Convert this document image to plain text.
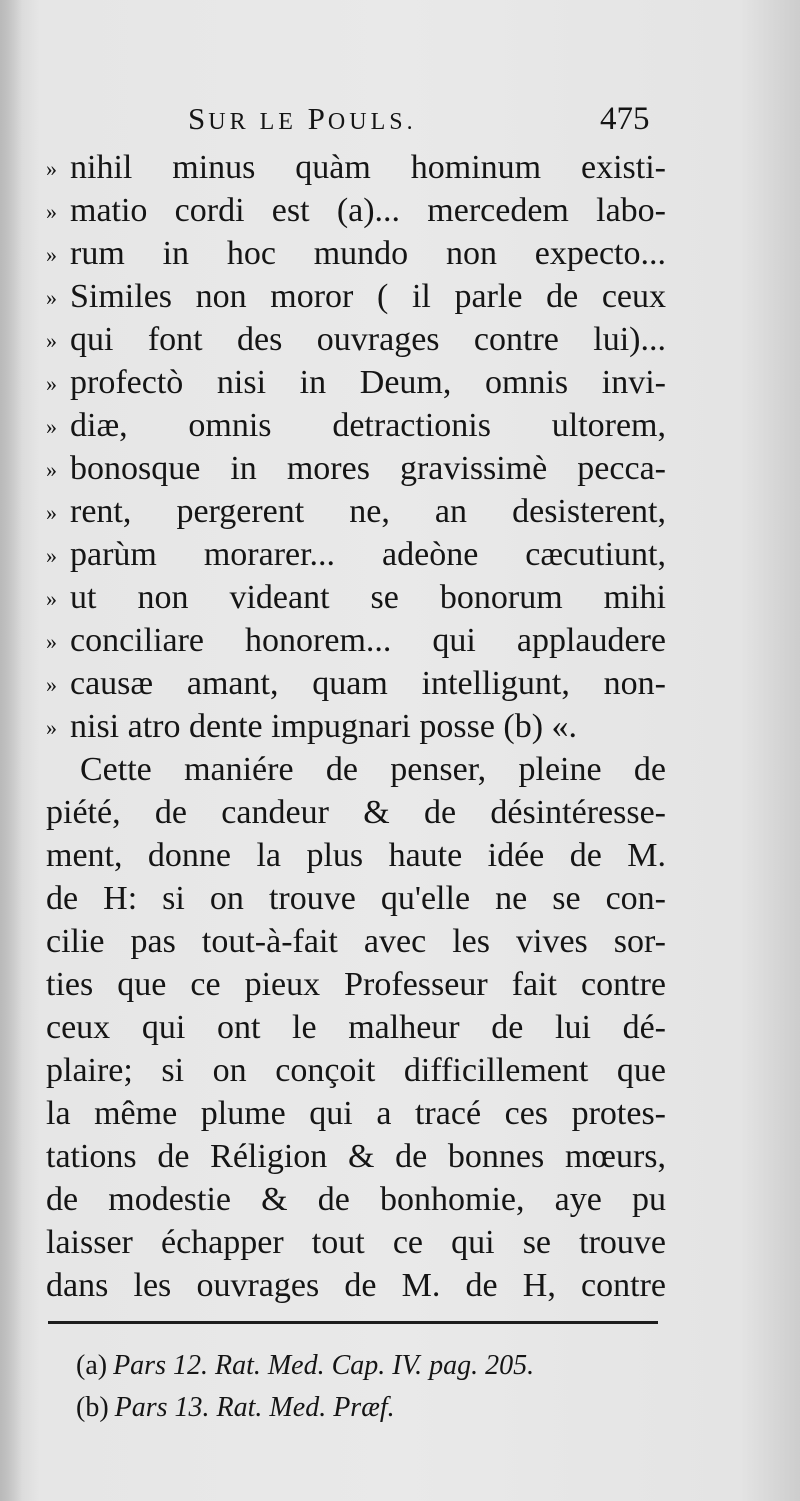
SUR LE POULS.	475
» nihil minus quàm hominum existi-
» matio cordi est (a)... mercedem labo-
» rum in hoc mundo non expecto...
» Similes non moror ( il parle de ceux
» qui font des ouvrages contre lui)...
» profectò nisi in Deum, omnis invi-
» diæ, omnis detractionis ultorem,
» bonosque in mores gravissimè pecca-
» rent, pergerent ne, an desisterent,
» parùm morarer... adeòne cæcutiunt,
» ut non videant se bonorum mihi
» conciliare honorem... qui applaudere
» causæ amant, quam intelligunt, non-
» nisi atro dente impugnari posse (b) «.
Cette maniére de penser, pleine de
piété, de candeur & de désintéresse-
ment, donne la plus haute idée de M.
de H: si on trouve qu'elle ne se con-
cilie pas tout-à-fait avec les vives sor-
ties que ce pieux Professeur fait contre
ceux qui ont le malheur de lui dé-
plaire; si on conçoit difficillement que
la même plume qui a tracé ces protes-
tations de Réligion & de bonnes mœurs,
de modestie & de bonhomie, aye pu
laisser échapper tout ce qui se trouve
dans les ouvrages de M. de H, contre
(a) Pars 12. Rat. Med. Cap. IV. pag. 205.
(b) Pars 13. Rat. Med. Præf.
